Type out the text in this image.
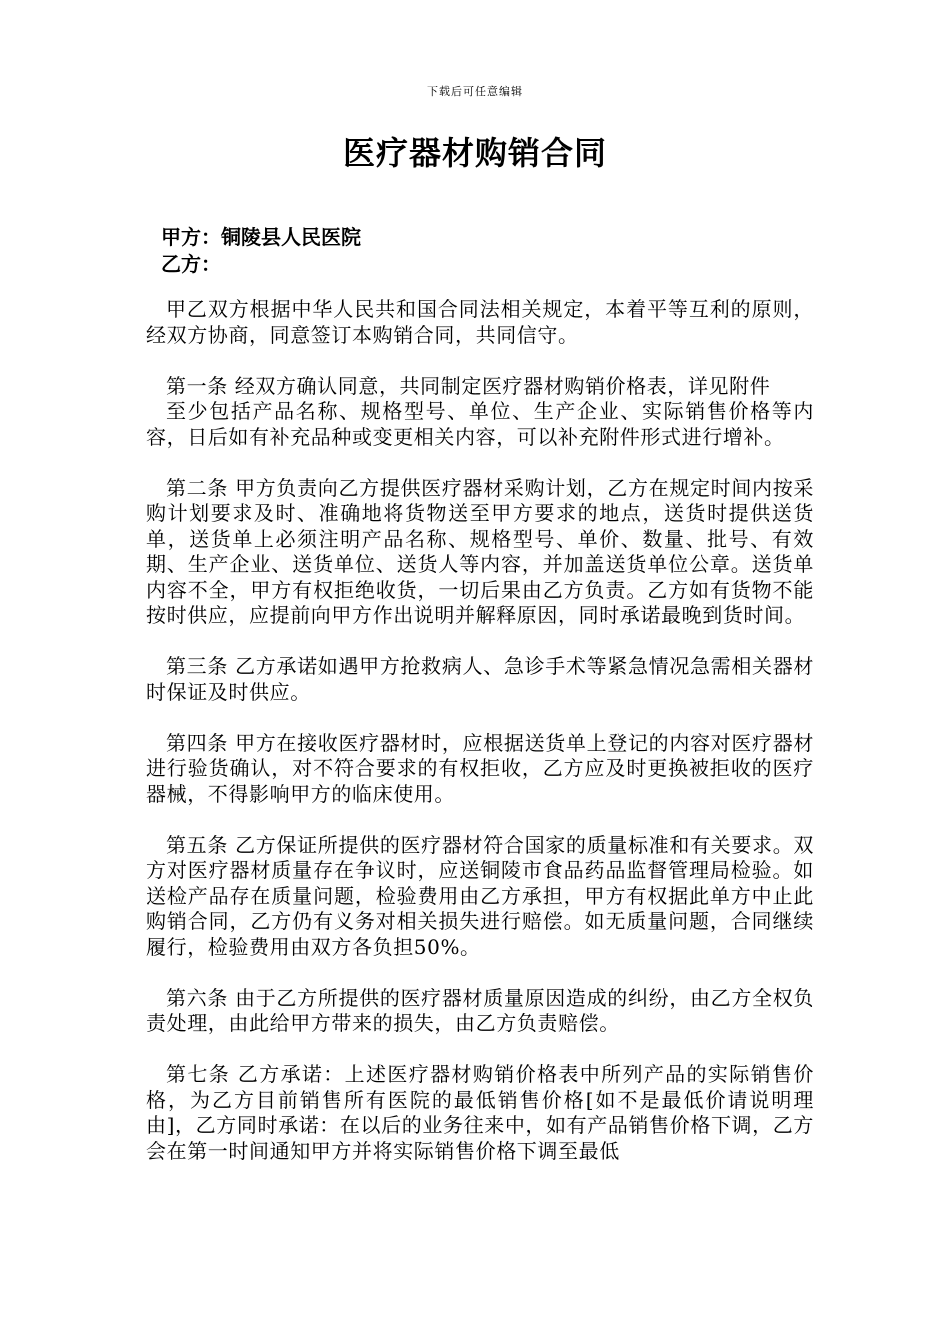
下载后可任意编辑
医疗器材购销合同
甲方：铜陵县人民医院
乙方：

甲乙双方根据中华人民共和国合同法相关规定，本着平等互利的原则，经双方协商，同意签订本购销合同，共同信守。

第一条 经双方确认同意，共同制定医疗器材购销价格表，详见附件

至少包括产品名称、规格型号、单位、生产企业、实际销售价格等内容，日后如有补充品种或变更相关内容，可以补充附件形式进行增补。

第二条 甲方负责向乙方提供医疗器材采购计划，乙方在规定时间内按采购计划要求及时、准确地将货物送至甲方要求的地点，送货时提供送货单，送货单上必须注明产品名称、规格型号、单价、数量、批号、有效期、生产企业、送货单位、送货人等内容，并加盖送货单位公章。送货单内容不全，甲方有权拒绝收货，一切后果由乙方负责。乙方如有货物不能按时供应，应提前向甲方作出说明并解释原因，同时承诺最晚到货时间。

第三条 乙方承诺如遇甲方抢救病人、急诊手术等紧急情况急需相关器材时保证及时供应。

第四条 甲方在接收医疗器材时，应根据送货单上登记的内容对医疗器材进行验货确认，对不符合要求的有权拒收，乙方应及时更换被拒收的医疗器械，不得影响甲方的临床使用。

第五条 乙方保证所提供的医疗器材符合国家的质量标准和有关要求。双方对医疗器材质量存在争议时，应送铜陵市食品药品监督管理局检验。如送检产品存在质量问题，检验费用由乙方承担，甲方有权据此单方中止此购销合同，乙方仍有义务对相关损失进行赔偿。如无质量问题，合同继续履行，检验费用由双方各负担50%。

第六条 由于乙方所提供的医疗器材质量原因造成的纠纷，由乙方全权负责处理，由此给甲方带来的损失，由乙方负责赔偿。

第七条 乙方承诺：上述医疗器材购销价格表中所列产品的实际销售价格，为乙方目前销售所有医院的最低销售价格[如不是最低价请说明理由]，乙方同时承诺：在以后的业务往来中，如有产品销售价格下调，乙方会在第一时间通知甲方并将实际销售价格下调至最低
